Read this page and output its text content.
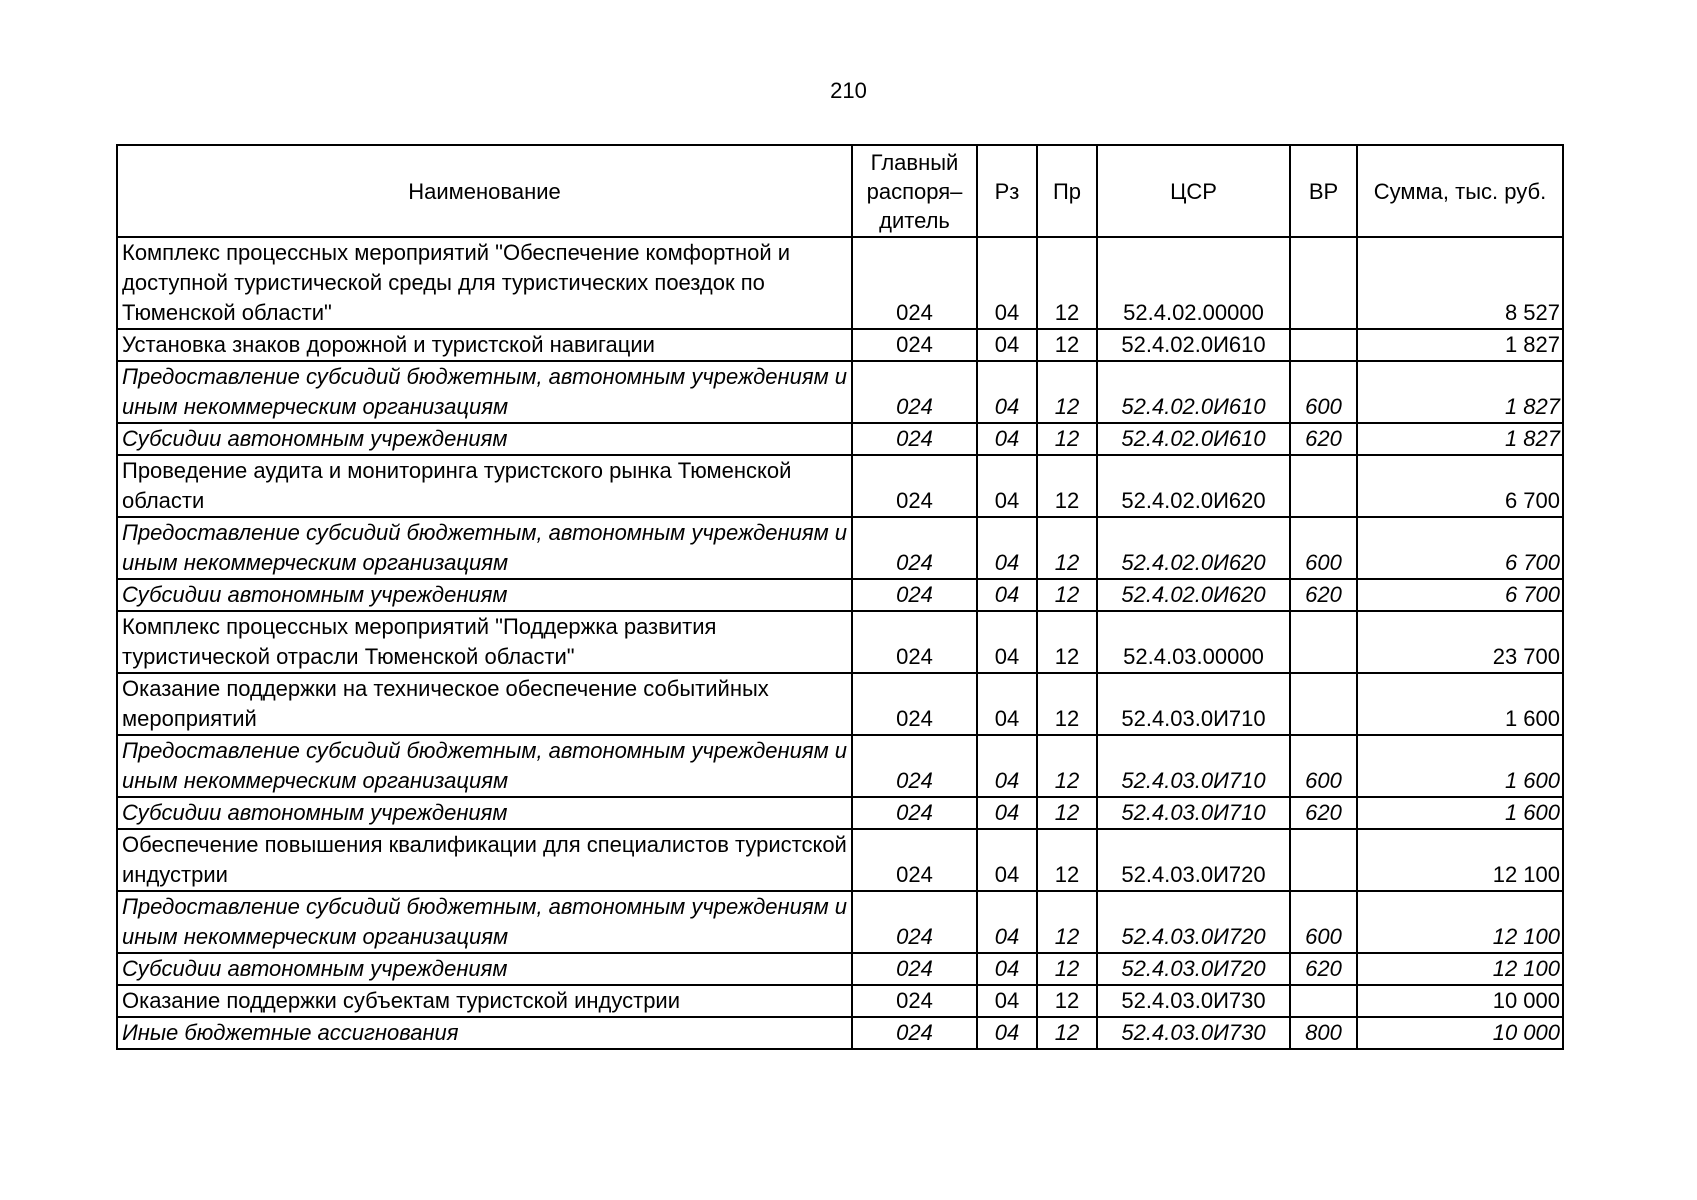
210
Наименование	Главный распоря– дитель	Рз	Пр	ЦСР	ВР	Сумма, тыс. руб.
Комплекс процессных мероприятий "Обеспечение комфортной и доступной туристической среды для туристических поездок по Тюменской области"	024	04	12	52.4.02.00000		8 527
Установка знаков дорожной и туристской навигации	024	04	12	52.4.02.0И610		1 827
Предоставление субсидий бюджетным, автономным учреждениям и иным некоммерческим организациям	024	04	12	52.4.02.0И610	600	1 827
Субсидии автономным учреждениям	024	04	12	52.4.02.0И610	620	1 827
Проведение аудита и мониторинга туристского рынка Тюменской области	024	04	12	52.4.02.0И620		6 700
Предоставление субсидий бюджетным, автономным учреждениям и иным некоммерческим организациям	024	04	12	52.4.02.0И620	600	6 700
Субсидии автономным учреждениям	024	04	12	52.4.02.0И620	620	6 700
Комплекс процессных мероприятий "Поддержка развития туристической отрасли Тюменской области"	024	04	12	52.4.03.00000		23 700
Оказание поддержки на техническое обеспечение событийных мероприятий	024	04	12	52.4.03.0И710		1 600
Предоставление субсидий бюджетным, автономным учреждениям и иным некоммерческим организациям	024	04	12	52.4.03.0И710	600	1 600
Субсидии автономным учреждениям	024	04	12	52.4.03.0И710	620	1 600
Обеспечение повышения квалификации для специалистов туристской индустрии	024	04	12	52.4.03.0И720		12 100
Предоставление субсидий бюджетным, автономным учреждениям и иным некоммерческим организациям	024	04	12	52.4.03.0И720	600	12 100
Субсидии автономным учреждениям	024	04	12	52.4.03.0И720	620	12 100
Оказание поддержки субъектам туристской индустрии	024	04	12	52.4.03.0И730		10 000
Иные бюджетные ассигнования	024	04	12	52.4.03.0И730	800	10 000
